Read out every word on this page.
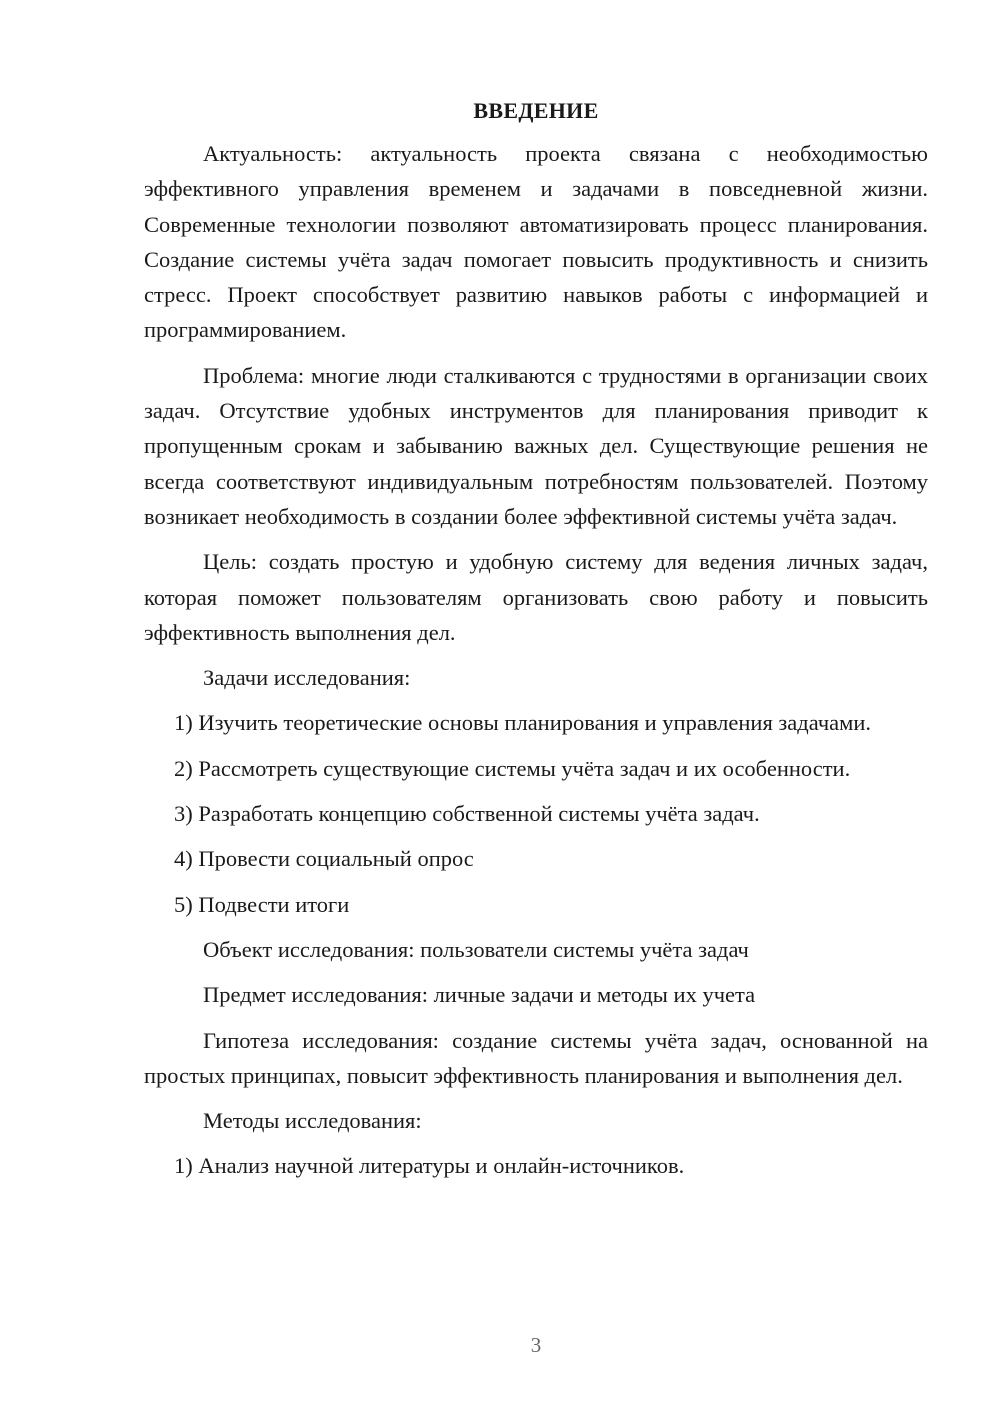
ВВЕДЕНИЕ

Актуальность: актуальность проекта связана с необходимостью эффективного управления временем и задачами в повседневной жизни. Современные технологии позволяют автоматизировать процесс планирования. Создание системы учёта задач помогает повысить продуктивность и снизить стресс. Проект способствует развитию навыков работы с информацией и программированием.

Проблема: многие люди сталкиваются с трудностями в организации своих задач. Отсутствие удобных инструментов для планирования приводит к пропущенным срокам и забыванию важных дел. Существующие решения не всегда соответствуют индивидуальным потребностям пользователей. Поэтому возникает необходимость в создании более эффективной системы учёта задач.

Цель: создать простую и удобную систему для ведения личных задач, которая поможет пользователям организовать свою работу и повысить эффективность выполнения дел.

Задачи исследования:

1) Изучить теоретические основы планирования и управления задачами.

2) Рассмотреть существующие системы учёта задач и их особенности.

3) Разработать концепцию собственной системы учёта задач.

4) Провести социальный опрос

5) Подвести итоги

Объект исследования: пользователи системы учёта задач

Предмет исследования: личные задачи и методы их учета

Гипотеза исследования: создание системы учёта задач, основанной на простых принципах, повысит эффективность планирования и выполнения дел.

Методы исследования:

1) Анализ научной литературы и онлайн-источников.

3
